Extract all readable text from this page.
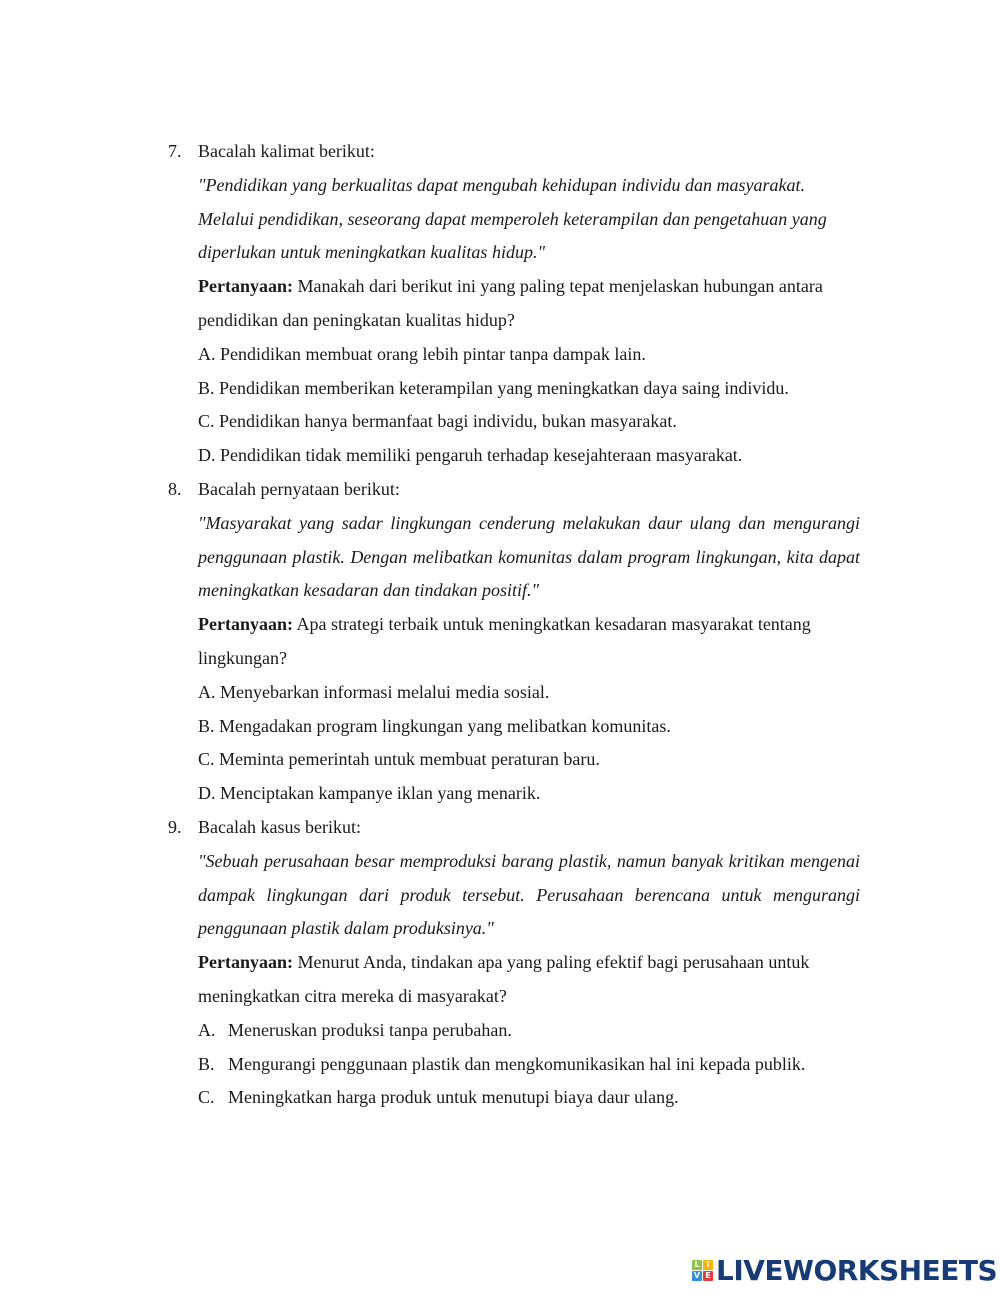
7. Bacalah kalimat berikut:
"Pendidikan yang berkualitas dapat mengubah kehidupan individu dan masyarakat. Melalui pendidikan, seseorang dapat memperoleh keterampilan dan pengetahuan yang diperlukan untuk meningkatkan kualitas hidup."
Pertanyaan: Manakah dari berikut ini yang paling tepat menjelaskan hubungan antara pendidikan dan peningkatan kualitas hidup?
A. Pendidikan membuat orang lebih pintar tanpa dampak lain.
B. Pendidikan memberikan keterampilan yang meningkatkan daya saing individu.
C. Pendidikan hanya bermanfaat bagi individu, bukan masyarakat.
D. Pendidikan tidak memiliki pengaruh terhadap kesejahteraan masyarakat.
8. Bacalah pernyataan berikut:
"Masyarakat yang sadar lingkungan cenderung melakukan daur ulang dan mengurangi penggunaan plastik. Dengan melibatkan komunitas dalam program lingkungan, kita dapat meningkatkan kesadaran dan tindakan positif."
Pertanyaan: Apa strategi terbaik untuk meningkatkan kesadaran masyarakat tentang lingkungan?
A. Menyebarkan informasi melalui media sosial.
B. Mengadakan program lingkungan yang melibatkan komunitas.
C. Meminta pemerintah untuk membuat peraturan baru.
D. Menciptakan kampanye iklan yang menarik.
9. Bacalah kasus berikut:
"Sebuah perusahaan besar memproduksi barang plastik, namun banyak kritikan mengenai dampak lingkungan dari produk tersebut. Perusahaan berencana untuk mengurangi penggunaan plastik dalam produksinya."
Pertanyaan: Menurut Anda, tindakan apa yang paling efektif bagi perusahaan untuk meningkatkan citra mereka di masyarakat?
A. Meneruskan produksi tanpa perubahan.
B. Mengurangi penggunaan plastik dan mengkomunikasikan hal ini kepada publik.
C. Meningkatkan harga produk untuk menutupi biaya daur ulang.
L I
V E LIVEWORKSHEETS
